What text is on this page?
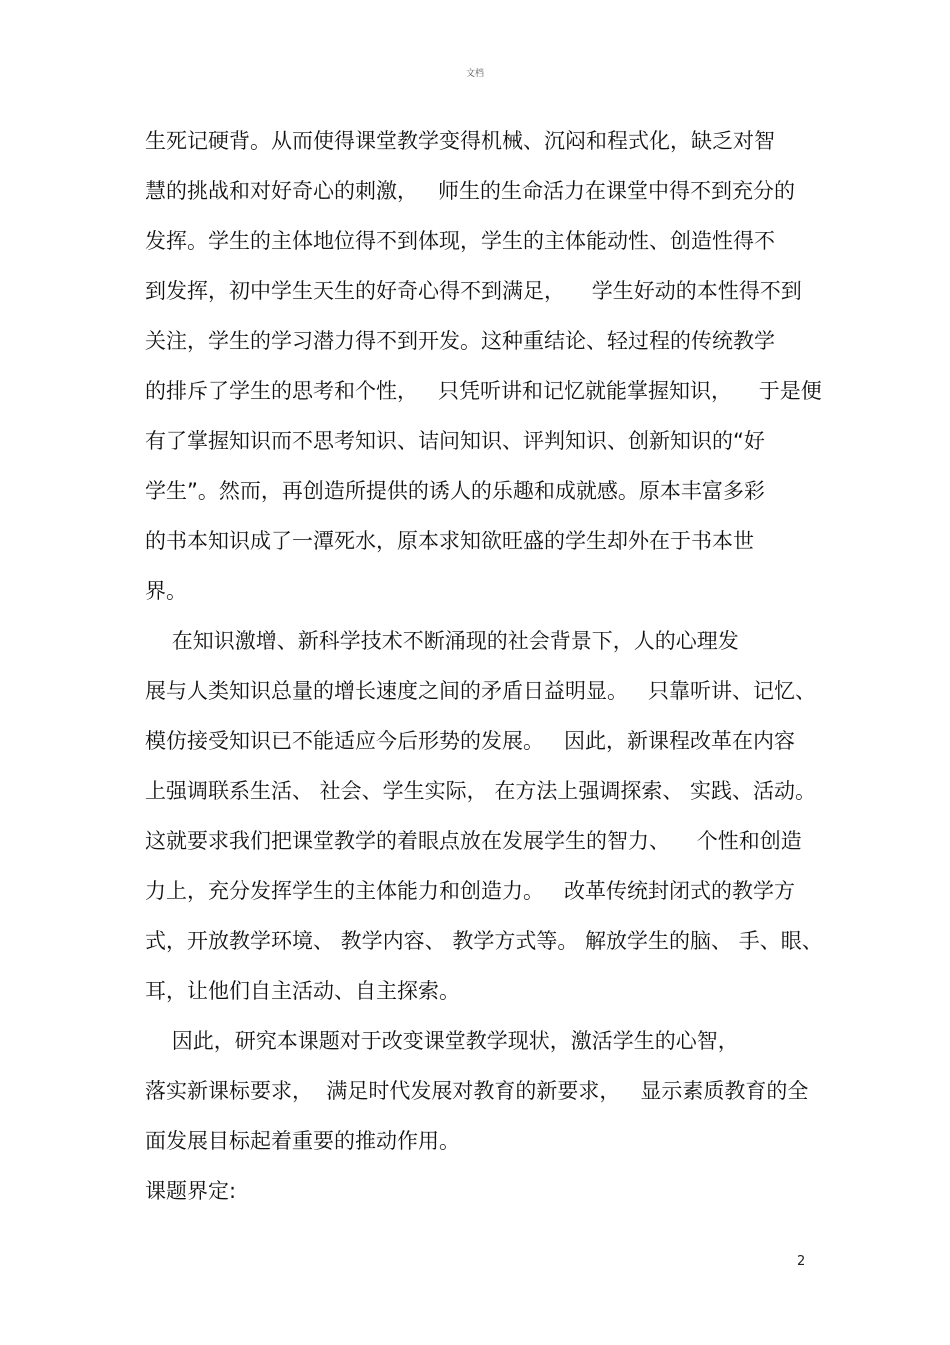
文档
生死记硬背。从而使得课堂教学变得机械、沉闷和程式化，缺乏对智
慧的挑战和对好奇心的刺激，   师生的生命活力在课堂中得不到充分的
发挥。学生的主体地位得不到体现，学生的主体能动性、创造性得不
到发挥，初中学生天生的好奇心得不到满足，    学生好动的本性得不到
关注，学生的学习潜力得不到开发。这种重结论、轻过程的传统教学
的排斥了学生的思考和个性，   只凭听讲和记忆就能掌握知识，    于是便
有了掌握知识而不思考知识、诘问知识、评判知识、创新知识的“好
学生”。然而，再创造所提供的诱人的乐趣和成就感。原本丰富多彩
的书本知识成了一潭死水，原本求知欲旺盛的学生却外在于书本世
界。
在知识激增、新科学技术不断涌现的社会背景下，人的心理发
展与人类知识总量的增长速度之间的矛盾日益明显。   只靠听讲、记忆、
模仿接受知识已不能适应今后形势的发展。   因此，新课程改革在内容
上强调联系生活、 社会、学生实际， 在方法上强调探索、 实践、活动。
这就要求我们把课堂教学的着眼点放在发展学生的智力、    个性和创造
力上，充分发挥学生的主体能力和创造力。   改革传统封闭式的教学方
式，开放教学环境、 教学内容、 教学方式等。 解放学生的脑、 手、眼、
耳，让他们自主活动、自主探索。
因此，研究本课题对于改变课堂教学现状，激活学生的心智，
落实新课标要求，  满足时代发展对教育的新要求，   显示素质教育的全
面发展目标起着重要的推动作用。
课题界定:
2
